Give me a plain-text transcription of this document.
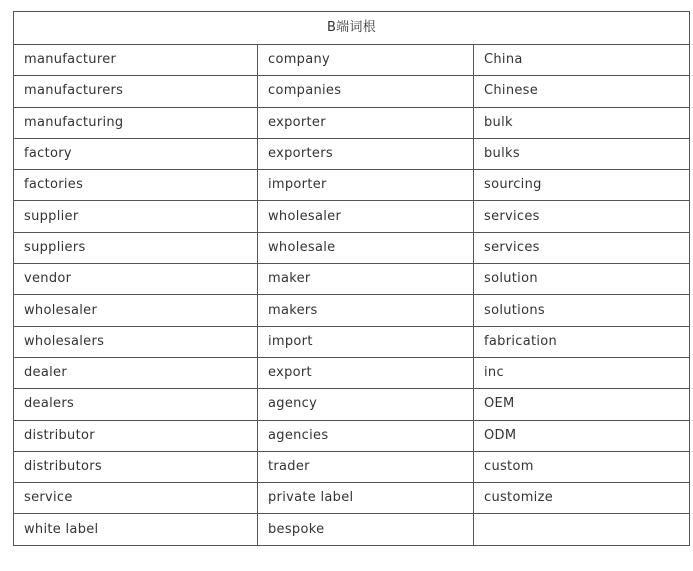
B端词根		
manufacturer	company	China
manufacturers	companies	Chinese
manufacturing	exporter	bulk
factory	exporters	bulks
factories	importer	sourcing
supplier	wholesaler	services
suppliers	wholesale	services
vendor	maker	solution
wholesaler	makers	solutions
wholesalers	import	fabrication
dealer	export	inc
dealers	agency	OEM
distributor	agencies	ODM
distributors	trader	custom
service	private label	customize
white label	bespoke	
